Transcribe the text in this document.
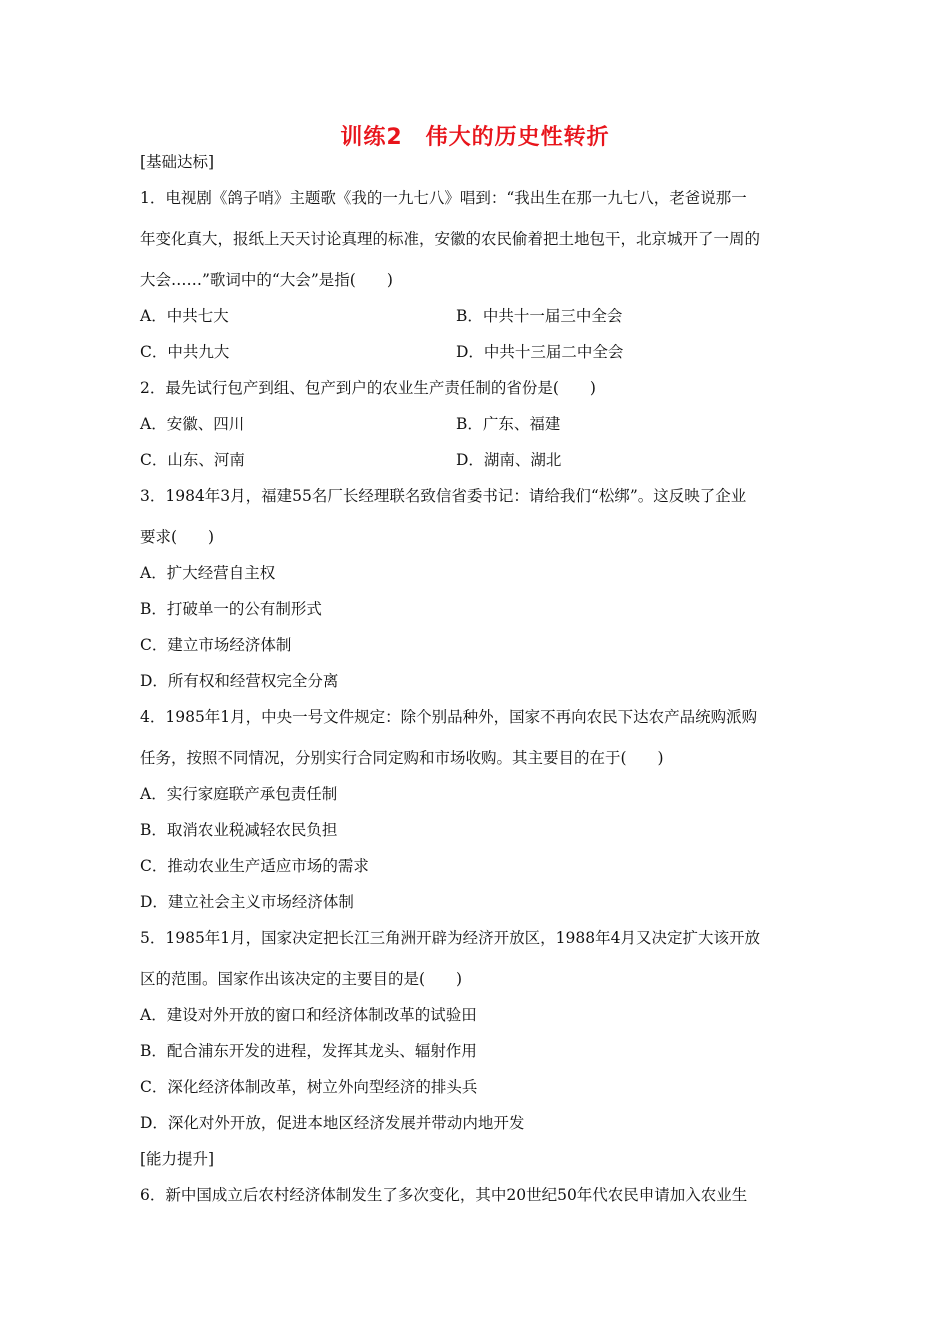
训练2　伟大的历史性转折
[基础达标]
1．电视剧《鸽子哨》主题歌《我的一九七八》唱到：“我出生在那一九七八，老爸说那一
年变化真大，报纸上天天讨论真理的标准，安徽的农民偷着把土地包干，北京城开了一周的
大会……”歌词中的“大会”是指(　　)
A．中共七大	B．中共十一届三中全会
C．中共九大	D．中共十三届二中全会
2．最先试行包产到组、包产到户的农业生产责任制的省份是(　　)
A．安徽、四川	B．广东、福建
C．山东、河南	D．湖南、湖北
3．1984年3月，福建55名厂长经理联名致信省委书记：请给我们“松绑”。这反映了企业
要求(　　)
A．扩大经营自主权
B．打破单一的公有制形式
C．建立市场经济体制
D．所有权和经营权完全分离
4．1985年1月，中央一号文件规定：除个别品种外，国家不再向农民下达农产品统购派购
任务，按照不同情况，分别实行合同定购和市场收购。其主要目的在于(　　)
A．实行家庭联产承包责任制
B．取消农业税减轻农民负担
C．推动农业生产适应市场的需求
D．建立社会主义市场经济体制
5．1985年1月，国家决定把长江三角洲开辟为经济开放区，1988年4月又决定扩大该开放
区的范围。国家作出该决定的主要目的是(　　)
A．建设对外开放的窗口和经济体制改革的试验田
B．配合浦东开发的进程，发挥其龙头、辐射作用
C．深化经济体制改革，树立外向型经济的排头兵
D．深化对外开放，促进本地区经济发展并带动内地开发
[能力提升]
6．新中国成立后农村经济体制发生了多次变化，其中20世纪50年代农民申请加入农业生
